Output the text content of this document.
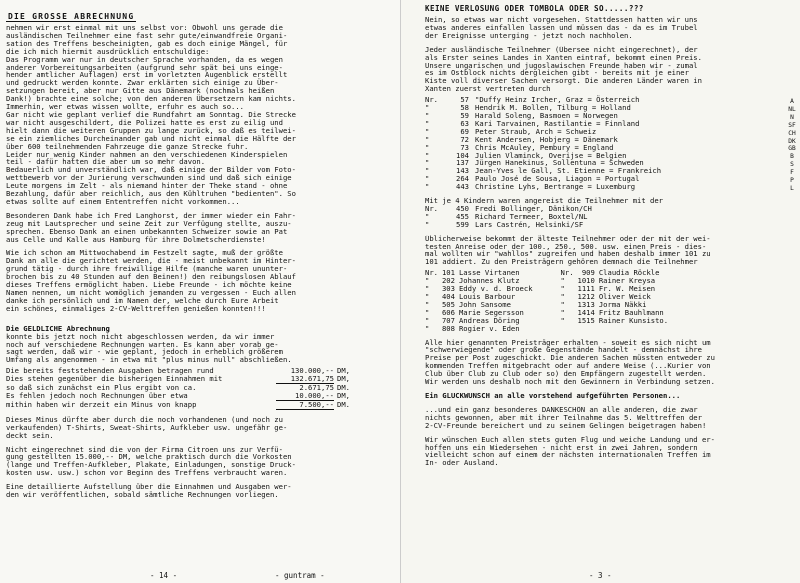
DIE GROSSE ABRECHNUNG
nehmen wir erst einmal mit uns selbst vor: Obwohl uns gerade die
ausländischen Teilnehmer eine fast sehr gute/einwandfreie Organi-
sation des Treffens bescheinigten, gab es doch einige Mängel, für
die ich mich hiermit ausdrücklich entschuldige:
Das Programm war nur in deutscher Sprache vorhanden, da es wegen
anderer Vorbereitungsarbeiten (aufgrund sehr spät bei uns einge-
hender amtlicher Auflagen) erst im vorletzten Augenblick erstellt
und gedruckt werden konnte. Zwar erklärten sich einige zu Über-
setzungen bereit, aber nur Gitte aus Dänemark (nochmals heißen
Dank!) brachte eine solche; von den anderen Übersetzern kam nichts.
Immerhin, wer etwas wissen wollte, erfuhr es auch so...
Gar nicht wie geplant verlief die Rundfahrt am Sonntag. Die Strecke
war nicht ausgeschildert, die Polizei hatte es erst zu eilig und
hielt dann die weiteren Gruppen zu lange zurück, so daß es teilwei-
se ein ziemliches Durcheinander gab und nicht einmal die Hälfte der
über 600 teilnehmenden Fahrzeuge die ganze Strecke fuhr.
Leider nur wenig Kinder nahmen an den verschiedenen Kinderspielen
teil - dafür hatten die aber um so mehr davon.
Bedauerlich und unverständlich war, daß einige der Bilder vom Foto-
wettbewerb vor der Jurierung verschwunden sind und daß sich einige
Leute morgens im Zelt - als niemand hinter der Theke stand - ohne
Bezahlung, dafür aber reichlich, aus den Kühltruhen "bedienten". So
etwas sollte auf einem Ententreffen nicht vorkommen...
Besonderen Dank habe ich Fred Langhorst, der immer wieder ein Fahr-
zeug mit Lautsprecher und seine Zeit zur Verfügung stellte, auszu-
sprechen. Ebenso Dank an einen unbekannten Schweizer sowie an Pat
aus Celle und Kalle aus Hamburg für ihre Dolmetscherdienste!
Wie ich schon am Mittwochabend im Festzelt sagte, muß der größte
Dank an alle die gerichtet werden, die - meist unbekannt im Hinter-
grund tätig - durch ihre freiwillige Hilfe (manche waren ununter-
brochen bis zu 40 Stunden auf den Beinen!) den reibungslosen Ablauf
dieses Treffens ermöglicht haben. Liebe Freunde - ich möchte keine
Namen nennen, um nicht womöglich jemanden zu vergessen - Euch allen
danke ich persönlich und im Namen der, welche durch Eure Arbeit
ein schönes, einmaliges 2-CV-Welttreffen genießen konnten!!!
Die GELDLICHE Abrechnung
konnte bis jetzt noch nicht abgeschlossen werden, da wir immer
noch auf verschiedene Rechnungen warten. Es kann aber vorab ge-
sagt werden, daß wir - wie geplant, jedoch in erheblich größerem
Umfang als angenommen - in etwa mit "plus minus null" abschließen.
Die bereits feststehenden Ausgaben betragen rund	130.000,-- DM,
Dies stehen gegenüber die bisherigen Einnahmen mit	132.671,75 DM,
so daß sich zunächst ein Plus ergibt von ca.	2.671,75 DM.
Es fehlen jedoch noch Rechnungen über etwa	10.000,-- DM,
mithin haben wir derzeit ein Minus von knapp	7.500,-- DM.
Dieses Minus dürfte aber durch die noch vorhandenen (und noch zu
verkaufenden) T-Shirts, Sweat-Shirts, Aufkleber usw. ungefähr ge-
deckt sein.
Nicht eingerechnet sind die von der Firma Citroen uns zur Verfü-
gung gestellten 15.000,-- DM, welche praktisch durch die Vorkosten
(lange und Treffen-Aufkleber, Plakate, Einladungen, sonstige Druck-
kosten usw. usw.) schon vor Beginn des Treffens verbraucht waren.
Eine detaillierte Aufstellung über die Einnahmen und Ausgaben wer-
den wir veröffentlichen, sobald sämtliche Rechnungen vorliegen.
- 14 -	- guntram -
KEINE VERLOSUNG ODER TOMBOLA ODER SO.....???
Nein, so etwas war nicht vorgesehen. Stattdessen hatten wir uns
etwas anderes einfallen lassen und müssen das - da es im Trubel
der Ereignisse unterging - jetzt noch nachholen.
Jeder ausländische Teilnehmer (Übersee nicht eingerechnet), der
als Erster seines Landes in Xanten eintraf, bekommt einen Preis.
Unsere ungarischen und jugoslawischen Freunde haben wir - zumal
es im Ostblock nichts dergleichen gibt - bereits mit je einer
Kiste voll diverser Sachen versorgt. Die anderen Länder waren in
Xanten zuerst vertreten durch
Nr.	57	"Duffy Heinz Ircher, Graz = Österreich
"	58	Hendrik M. Bollen, Tilburg = Holland
"	59	Harald Soleng, Basmoen = Norwegen
"	63	Kari Tarvainen, Rastilantie = Finnland
"	69	Peter Straub, Arch = Schweiz
"	72	Kent Andersen, Hobjerg = Dänemark
"	73	Chris McAuley, Pembury = England
"	104	Julien Vlaminck, Overijse = Belgien
"	137	Jürgen Hanekinus, Sollentuna = Schweden
"	143	Jean-Yves le Gall, St. Etienne = Frankreich
"	264	Paulo José de Sousa, Liagon = Portugal
"	443	Christine Lyhs, Bertrange = Luxemburg
Mit je 4 Kindern waren angereist die Teilnehmer mit der
Nr.	450	Fredi Bollinger, Dänikon/CH
"	455	Richard Termeer, Boxtel/NL
"	599	Lars Castrén, Helsinki/SF
Üblicherweise bekommt der älteste Teilnehmer oder der mit der wei-
testen Anreise oder der 100., 250., 500. usw. einen Preis - dies-
mal wollten wir "wahllos" zugreifen und haben deshalb immer 101 zu
101 addiert. Zu den Preisträgern gehören demnach die Teilnehmer
Nr.	101	Lasse Virtanen	Nr.	909	Claudia Röckle
"	202	Johannes Klutz	"	1010	Rainer Kreysa
"	303	Eddy v. d. Broeck	"	1111	Fr. W. Meisen
"	404	Louis Barbour	"	1212	Oliver Weick
"	505	John Sansome	"	1313	Jorma Näkki
"	606	Marie Segersson	"	1414	Fritz Bauhlmann
"	707	Andreas Döring	"	1515	Rainer Kunsisto.
"	808	Rogier v. Eden			
Alle hier genannten Preisträger erhalten - soweit es sich nicht um
"schwerwiegende" oder große Gegenstände handelt - demnächst ihre
Preise per Post zugeschickt. Die anderen Sachen müssten entweder zu
kommenden Treffen mitgebracht oder auf andere Weise (...Kurier von
Club über Club zu Club oder so) den Empfängern zugestellt werden.
Wir werden uns deshalb noch mit den Gewinnern in Verbindung setzen.
Ein GLÜCKWUNSCH an alle vorstehend aufgeführten Personen...
...und ein ganz besonderes DANKESCHÖN an alle anderen, die zwar
nichts gewonnen, aber mit ihrer Teilnahme das 5. Welttreffen der
2-CV-Freunde bereichert und zu seinem Gelingen beigetragen haben!
Wir wünschen Euch allen stets guten Flug und weiche Landung und er-
hoffen uns ein Wiedersehen - nicht erst in zwei Jahren, sondern
vielleicht schon auf einem der nächsten internationalen Treffen im
In- oder Ausland.
A
NL
N
SF
CH
DK
GB
B
S
F
P
L
- 3 -
